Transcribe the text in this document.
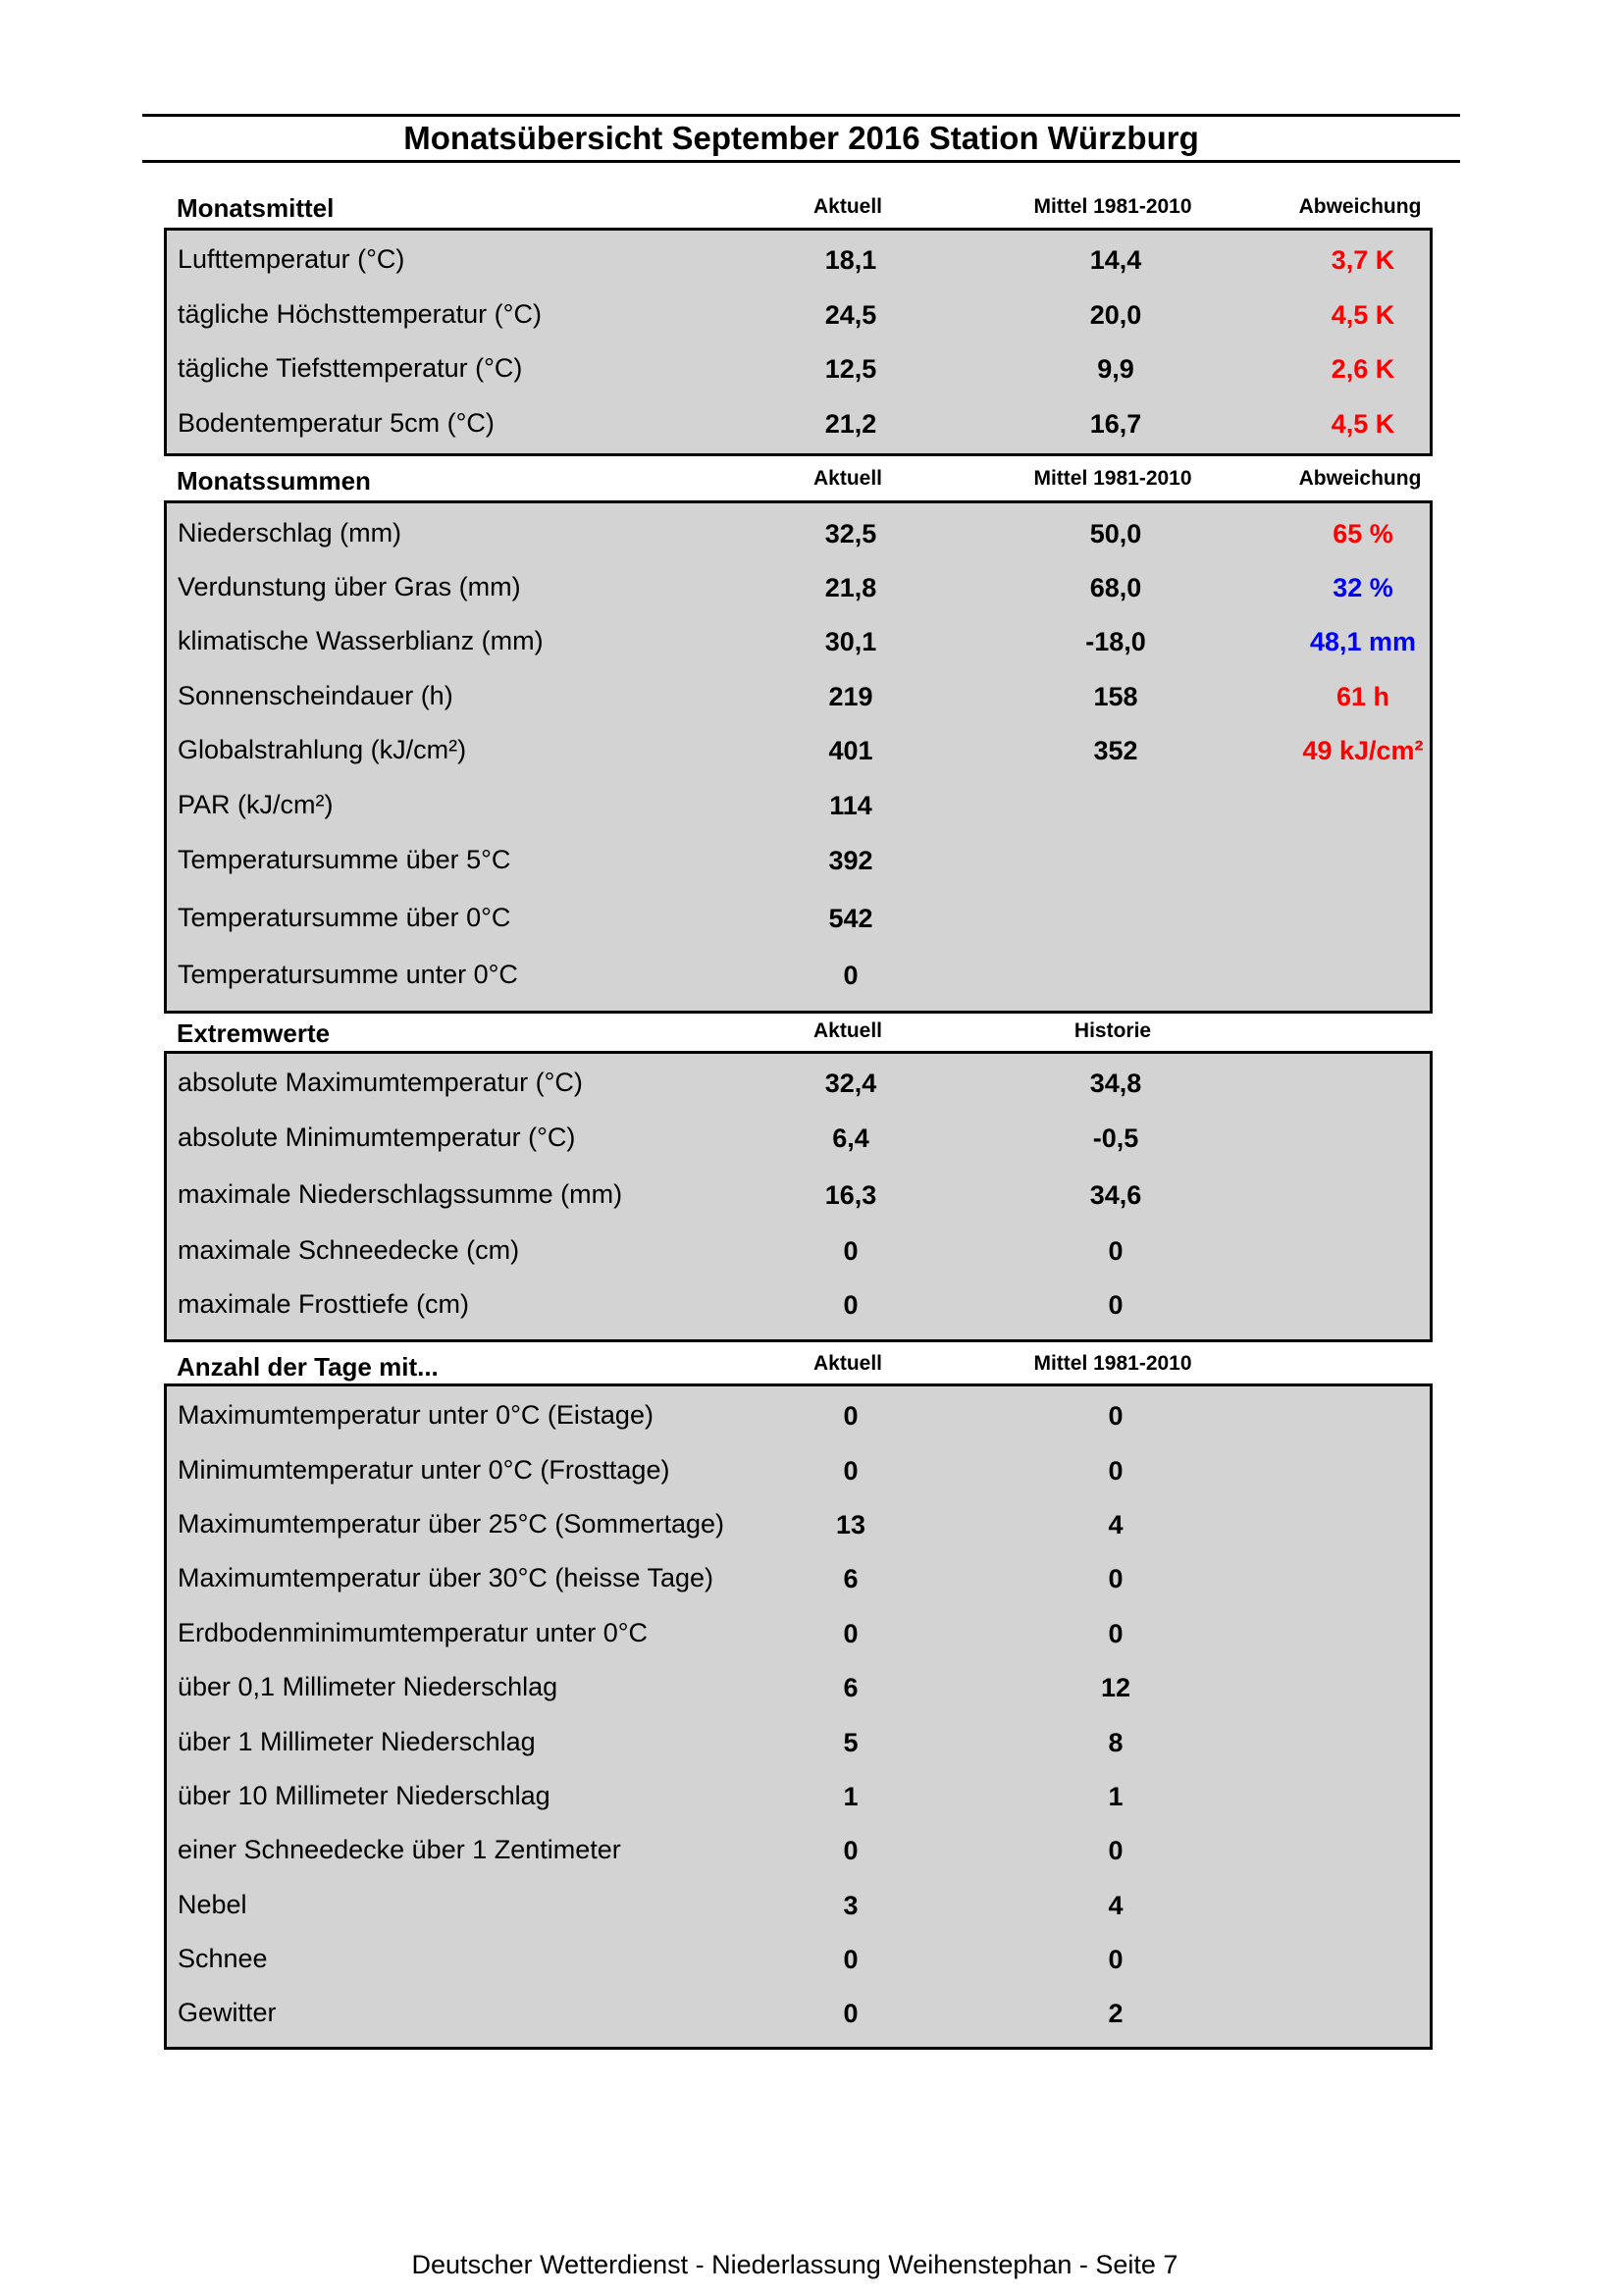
Monatsübersicht September 2016 Station Würzburg
Monatsmittel	Aktuell	Mittel 1981-2010	Abweichung
Lufttemperatur (°C)	18,1	14,4	3,7 K
tägliche Höchsttemperatur (°C)	24,5	20,0	4,5 K
tägliche Tiefsttemperatur (°C)	12,5	9,9	2,6 K
Bodentemperatur 5cm (°C)	21,2	16,7	4,5 K
Monatssummen	Aktuell	Mittel 1981-2010	Abweichung
Niederschlag (mm)	32,5	50,0	65 %
Verdunstung über Gras (mm)	21,8	68,0	32 %
klimatische Wasserblianz (mm)	30,1	-18,0	48,1 mm
Sonnenscheindauer (h)	219	158	61 h
Globalstrahlung (kJ/cm²)	401	352	49 kJ/cm²
PAR (kJ/cm²)	114
Temperatursumme über 5°C	392
Temperatursumme über 0°C	542
Temperatursumme unter 0°C	0
Extremwerte	Aktuell	Historie
absolute Maximumtemperatur (°C)	32,4	34,8
absolute Minimumtemperatur (°C)	6,4	-0,5
maximale Niederschlagssumme (mm)	16,3	34,6
maximale Schneedecke (cm)	0	0
maximale Frosttiefe (cm)	0	0
Anzahl der Tage mit...	Aktuell	Mittel 1981-2010
Maximumtemperatur unter 0°C (Eistage)	0	0
Minimumtemperatur unter 0°C (Frosttage)	0	0
Maximumtemperatur über 25°C (Sommertage)	13	4
Maximumtemperatur über 30°C (heisse Tage)	6	0
Erdbodenminimumtemperatur unter 0°C	0	0
über 0,1 Millimeter Niederschlag	6	12
über 1 Millimeter Niederschlag	5	8
über 10 Millimeter Niederschlag	1	1
einer Schneedecke über 1 Zentimeter	0	0
Nebel	3	4
Schnee	0	0
Gewitter	0	2
Deutscher Wetterdienst - Niederlassung Weihenstephan - Seite 7
